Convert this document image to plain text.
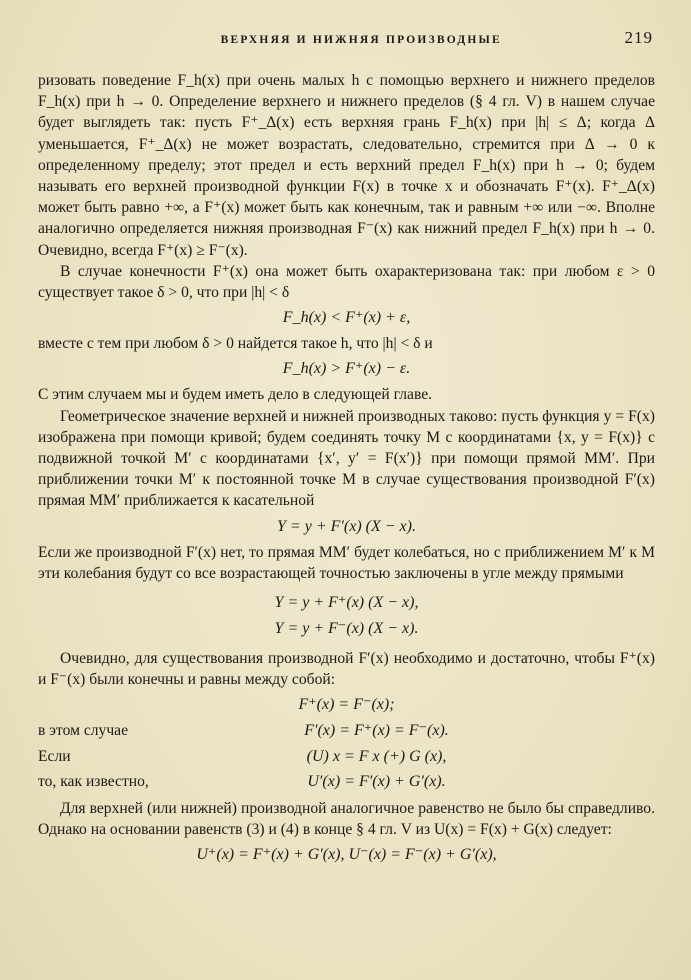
ВЕРХНЯЯ И НИЖНЯЯ ПРОИЗВОДНЫЕ	219

ризовать поведение F_h(x) при очень малых h с помощью верхнего и нижнего пределов F_h(x) при h → 0. Определение верхнего и нижнего пределов (§ 4 гл. V) в нашем случае будет выглядеть так: пусть F⁺_Δ(x) есть верхняя грань F_h(x) при |h| ≤ Δ; когда Δ уменьшается, F⁺_Δ(x) не может возрастать, следовательно, стремится при Δ → 0 к определенному пределу; этот предел и есть верхний предел F_h(x) при h → 0; будем называть его верхней производной функции F(x) в точке x и обозначать F⁺(x). F⁺_Δ(x) может быть равно +∞, а F⁺(x) может быть как конечным, так и равным +∞ или −∞. Вполне аналогично определяется нижняя производная F⁻(x) как нижний предел F_h(x) при h → 0. Очевидно, всегда F⁺(x) ≥ F⁻(x).

В случае конечности F⁺(x) она может быть охарактеризована так: при любом ε > 0 существует такое δ > 0, что при |h| < δ

F_h(x) < F⁺(x) + ε,

вместе с тем при любом δ > 0 найдется такое h, что |h| < δ и

F_h(x) > F⁺(x) − ε.

С этим случаем мы и будем иметь дело в следующей главе.

Геометрическое значение верхней и нижней производных таково: пусть функция y = F(x) изображена при помощи кривой; будем соединять точку M с координатами {x, y = F(x)} с подвижной точкой M′ с координатами {x′, y′ = F(x′)} при помощи прямой MM′. При приближении точки M′ к постоянной точке M в случае существования производной F′(x) прямая MM′ приближается к касательной

Y = y + F′(x) (X − x).

Если же производной F′(x) нет, то прямая MM′ будет колебаться, но с приближением M′ к M эти колебания будут со все возрастающей точностью заключены в угле между прямыми

Y = y + F⁺(x) (X − x),
Y = y + F⁻(x) (X − x).

Очевидно, для существования производной F′(x) необходимо и достаточно, чтобы F⁺(x) и F⁻(x) были конечны и равны между собой:

F⁺(x) = F⁻(x);
в этом случае	F′(x) = F⁺(x) = F⁻(x).
Если	(U) x = F x (+) G (x),
то, как известно,	U′(x) = F′(x) + G′(x).

Для верхней (или нижней) производной аналогичное равенство не было бы справедливо. Однако на основании равенств (3) и (4) в конце § 4 гл. V из U(x) = F(x) + G(x) следует:

U⁺(x) = F⁺(x) + G′(x), U⁻(x) = F⁻(x) + G′(x),
